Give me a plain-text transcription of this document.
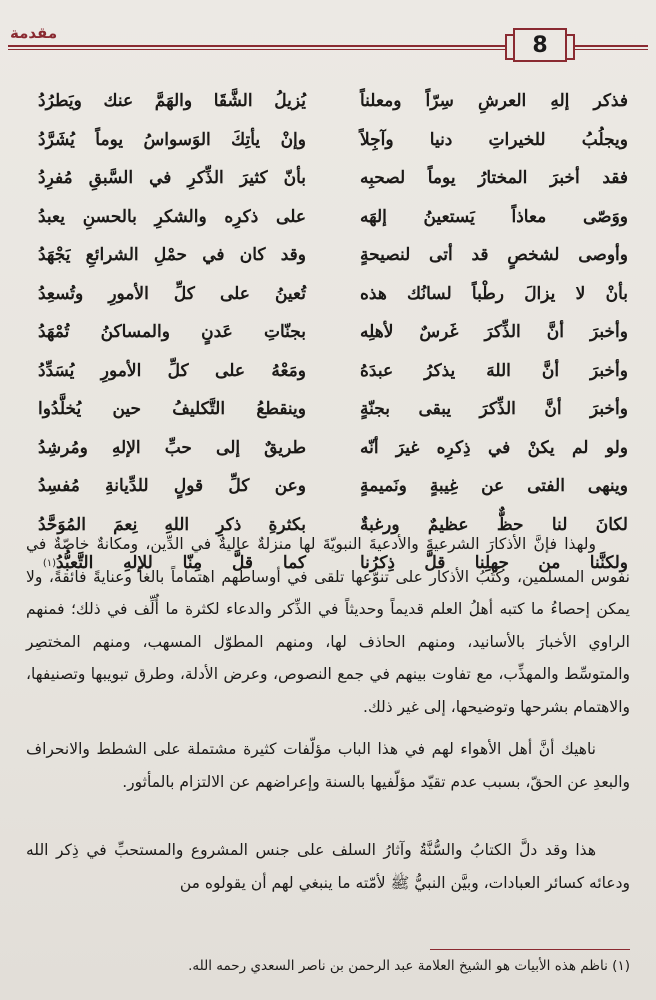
مقدمة	8
فذكر إلهِ العرشِ سِرّاً ومعلناً
يُزيلُ الشَّقَا والهَمَّ عنك ويَطرُدُ
ويجلُبُ للخيراتِ دنيا وآجِلاً
وإنْ يأتِكَ الوَسواسُ يوماً يُشَرَّدُ
فقد أخبرَ المختارُ يوماً لصحبِه
بأنّ كثيرَ الذِّكرِ في السَّبقِ مُفرِدُ
ووَصّى معاذاً يَستعينُ إلهَه
على ذكرِه والشكرِ بالحسنِ يعبدُ
وأوصى لشخصٍ قد أتى لنصيحةٍ
وقد كان في حمْلِ الشرائعِ يَجْهَدُ
بأنْ لا يزالَ رطْباً لسانُك هذه
تُعينُ على كلِّ الأمورِ وتُسعِدُ
وأخبرَ أنَّ الذِّكرَ غَرسٌ لأهلِه
بجنّاتِ عَدنٍ والمساكنُ تُمْهَدُ
وأخبرَ أنَّ اللهَ يذكرُ عبدَهُ
ومَعْهُ على كلِّ الأمورِ يُسَدِّدُ
وأخبرَ أنَّ الذِّكرَ يبقى بجنّةٍ
وينقطعُ التَّكليفُ حين يُخلَّدُوا
ولو لم يكنْ في ذِكرِه غيرَ أنّه
طريقٌ إلى حبِّ الإلهِ ومُرشِدُ
وينهى الفتى عن غِيبةٍ ونَميمةٍ
وعن كلِّ قولٍ للدِّيانةِ مُفسِدُ
لكانَ لنا حظٌّ عظيمٌ ورغبةٌ
بكثرةِ ذكرِ اللهِ نِعمَ المُوَحَّدُ
ولكنَّنا من جهلِنا قلَّ ذِكرُنا
كما قلَّ مِنّا للإلهِ التَّعبُّدُ
(١)

ولهذا فإنَّ الأذكارَ الشرعيةَ والأدعيةَ النبويّةَ لها منزلةٌ عاليةٌ في الدِّين، ومكانةٌ خاصّةٌ في نفوس المسلمين، وكُتُبُ الأذكار على تنوّعها تلقى في أوساطهم اهتماماً بالغاً وعنايةً فائقةً، ولا يمكن إحصاءُ ما كتبه أهلُ العلم قديماً وحديثاً في الذِّكر والدعاء لكثرة ما أُلِّف في ذلك؛ فمنهم الراوي الأخبارَ بالأسانيد، ومنهم الحاذف لها، ومنهم المطوّل المسهب، ومنهم المختصِر والمتوسِّط والمهذِّب، مع تفاوت بينهم في جمع النصوص، وعرض الأدلة، وطرق تبويبها وتصنيفها، والاهتمام بشرحها وتوضيحها، إلى غير ذلك.

ناهيك أنَّ أهل الأهواء لهم في هذا الباب مؤلّفات كثيرة مشتملة على الشطط والانحراف والبعدِ عن الحقّ، بسبب عدم تقيّد مؤلّفيها بالسنة وإعراضهم عن الالتزام بالمأثور.

هذا وقد دلَّ الكتابُ والسُّنَّةُ وآثارُ السلف على جنس المشروع والمستحبِّ في ذِكر الله ودعائه كسائر العبادات، وبيَّن النبيُّ ﷺ لأمّته ما ينبغي لهم أن يقولوه من

(١) ناظم هذه الأبيات هو الشيخ العلامة عبد الرحمن بن ناصر السعدي رحمه الله.
